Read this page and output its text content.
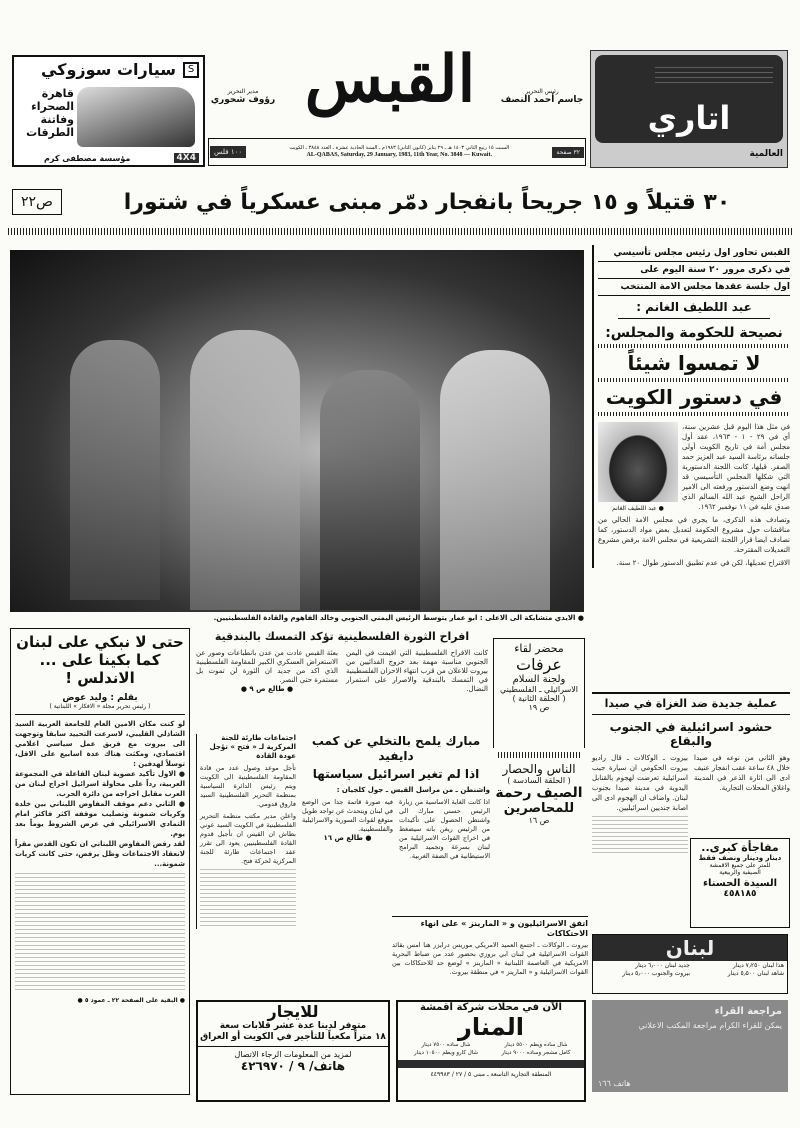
سيارات سوزوكي	S
قاهرة
الصحراء
وفاتنة
الطرقات
مؤسسة مصطفى كرم	4X4
مدير التحرير
رؤوف شحوري القبس	رئيس التحرير
جاسم أحمد النصف
١٠٠ فلس	السبت ١٥ ربيع الثاني ١٤٠٣ هـ ـ ٢٩ يناير (كانون الثاني) ١٩٨٣م ـ السنة الحادية عشرة ـ العدد ٣٨٤٨ ـ الكويت
AL-QABAS, Saturday, 29 January, 1983, 11th Year, No. 3848 — Kuwait.	٣٢ صفحة
اتاري
العالمية
٣٠ قتيلاً و ١٥ جريحاً بانفجار دمّر مبنى عسكرياً في شتورا
ص٢٢
● الايدي متشابكة الى الاعلى : ابو عمار يتوسط الرئيس اليمني الجنوبي وخالد الفاهوم والقادة الفلسطينيين.
القبس تحاور اول رئيس مجلس تأسيسي
في ذكرى مرور ٢٠ سنة اليوم على
اول جلسة عقدها مجلس الامة المنتخب
عبد اللطيف الغانم :
نصيحة للحكومة والمجلس:
لا تمسوا شيئاً
في دستور الكويت
في مثل هذا اليوم قبل عشرين سنة، أي في ٢٩ - ١ - ١٩٦٣، عقد أول مجلس أمة في تاريخ الكويت أولى جلساته برئاسة السيد عبد العزيز حمد الصقر. قبلها، كانت اللجنة الدستورية التي شكلها المجلس التأسيسي قد انهت وضع الدستور ورفعته الى الامير الراحل الشيخ عبد الله السالم الذي صدق عليه في ١١ نوفمبر ١٩٦٢.
● عبد اللطيف الغانم
وتصادف هذه الذكرى، ما يجري في مجلس الامة الحالي من مناقشات حول مشروع الحكومة لتعديل بعض مواد الدستور، كما تصادف ايضا قرار اللجنة التشريعية في مجلس الامة برفض مشروع التعديلات المقترحة.
الاقتراح تعديلها، لكن في عدم تطبيق الدستور طوال ٢٠ سنة.
عملية جديدة ضد الغزاة في صيدا
حشود اسرائيلية في الجنوب والبقاع
وهو الثاني من نوعه في صيدا خلال ٤٨ ساعة عقب انفجار عنيف ادى الى اثارة الذعر في المدينة واغلاق المحلات التجارية.
بيروت ـ الوكالات ـ قال راديو بيروت الحكومي ان سيارة جيب اسرائيلية تعرضت لهجوم بالقنابل اليدوية في مدينة صيدا بجنوب لبنان. واضاف ان الهجوم ادى الى اصابة جنديين اسرائيليين.
مفاجأة كبرى..
دينار ودينار ونصف فقط
للمتر على جميع الاقمشة
الصيفية والربيعية
السيدة الحسناء
٤٥٨١٨٥
لبنان
هذا لبنان ٧٫٢٥٠ دينار
جديد لبنان ٦٫٠٠٠ دينار
شاهد لبنان ٥٫٥٠٠ دينار
بيروت والجنوب ٥٫٠٠٠ دينار
مراجعة القراء
يمكن للقراء الكرام مراجعة المكتب الاعلاني
هاتف ١٦٦
حتى لا نبكي على لبنان
كما بكينا على ... الاندلس !
بقلم : وليد عوض
( رئيس تحرير مجلة « الافكار » اللبنانية )
لو كنت مكان الامين العام للجامعة العربية السيد الشاذلي القليبي، لاسرعت التحييد سابقا وتوجهت الى بيروت مع فريق عمل سياسي اعلامي اقتصادي، ومكثت هناك عدة اسابيع على الاقل، توسلاً لهدفين :
● الاول تأكيد عضوية لبنان الفاعلة في المجموعة العربية، رداً على محاولة اسرائيل اخراج لبنان من العرب مقابل اخراجه من دائرة الحرب.
● الثاني دعم موقف المفاوض اللبناني بين خلدة وكريات شمونة وتصليب موقفه اكثر فاكثر امام التمادي الاسرائيلي في عرض الشروط يوماً بعد يوم.
لقد رفض المفاوض اللبناني ان تكون القدس مقراً لانعقاد الاجتماعات وظل يرفض، حتى كانت كريات شمونة...
● البقية على الصفحة ٢٢ ـ عمود ٥ ●
افراح الثورة الفلسطينية تؤكد التمسك بالبندقية
كانت الافراح الفلسطينية التي اقيمت في اليمن الجنوبي مناسبة مهمة بعد خروج الفدائيين من بيروت للاعلان من قرب انتهاء الاحزان الفلسطينية في التمسك بالبندقية والاصرار على استمرار النضال.
بعثة القبس عادت من عدن بانطباعات وصور عن الاستعراض العسكري الكبير للمقاومة الفلسطينية الذي اكد من جديد ان الثورة لن تموت بل مستمرة حتى النصر.
● طالع ص ٩ ●
محضر لقاء
عرفات
ولجنة السلام
الاسرائيلي ـ الفلسطيني
( الحلقة الثانية )
ص ١٩
الناس والحصار
( الحلقة السادسة )
الصيف رحمة
للمحاصرين
ص ١٦
اجتماعات طارئة للجنة المركزية لـ « فتح » تؤجل عودة القادة
تأجل موعد وصول عدد من قادة المقاومة الفلسطينية الى الكويت ويتم رئيس الدائرة السياسية بمنظمة التحرير الفلسطينية السيد فاروق قدومي.
واعلن مدير مكتب منظمة التحرير الفلسطينية في الكويت السيد عوني بطاش ان القيس ان تأجيل قدوم القادة الفلسطينيين يعود الى تقرر عقد اجتماعات طارئة للجنة المركزية لحركة فتح.
مبارك يلمح بالتخلي عن كمب دايفيد
اذا لم تغير اسرائيل سياستها
واشنطن ـ من مراسل القبس ـ جول كلجيان :
اذا كانت الغاية الاساسية من زيارة الرئيس حسني مبارك الى واشنطن الحصول على تأكيدات من الرئيس ريغن بانه سيضغط في اخراج القوات الاسرائيلية من لبنان بسرعة وتجميد البرامج الاستيطانية في الضفة الغربية.
فيه صورة قاتمة جدا من الوضع في لبنان ويتحدث عن تواجد طويل متوقع لقوات السورية والاسرائيلية والفلسطينية.
● طالع ص ١٦
اتفق الاسرائيليون و « المارينز » على انهاء الاحتكاكات
بيروت ـ الوكالات ـ اجتمع العميد الامريكي موريس درايزر هنا امس بقائد القوات الاسرائيلية في لبنان ابي بروزي بحضور عدد من ضباط البحرية الامريكية في العاصمة اللبنانية « المارينز » لوضع حد للاحتكاكات بين القوات الاسرائيلية و « المارينز » في منطقة بيروت.
للايجار
متوفر لدينا عدة عشر قلابات سعة
١٨ متراً مكعباً للتأجير في الكويت أو العراق
لمزيد من المعلومات الرجاء الاتصال
هاتف/ ٩ / ٤٢٦٩٧٠
الآن في محلات شركة أقمشة
المنار
شال ساده ويطم ٥٥٠٠ دينار
شال ساده ٧٥٠٠ دينار
كامل مشجر وساده ٩٠٠٠ دينار
شال كارو ويطم ١٠٥٠٠ دينار
المنطقة التجارية التاسعة ـ مبنى ٥ / ٢٧ / ٤٤٩٩٨٣
